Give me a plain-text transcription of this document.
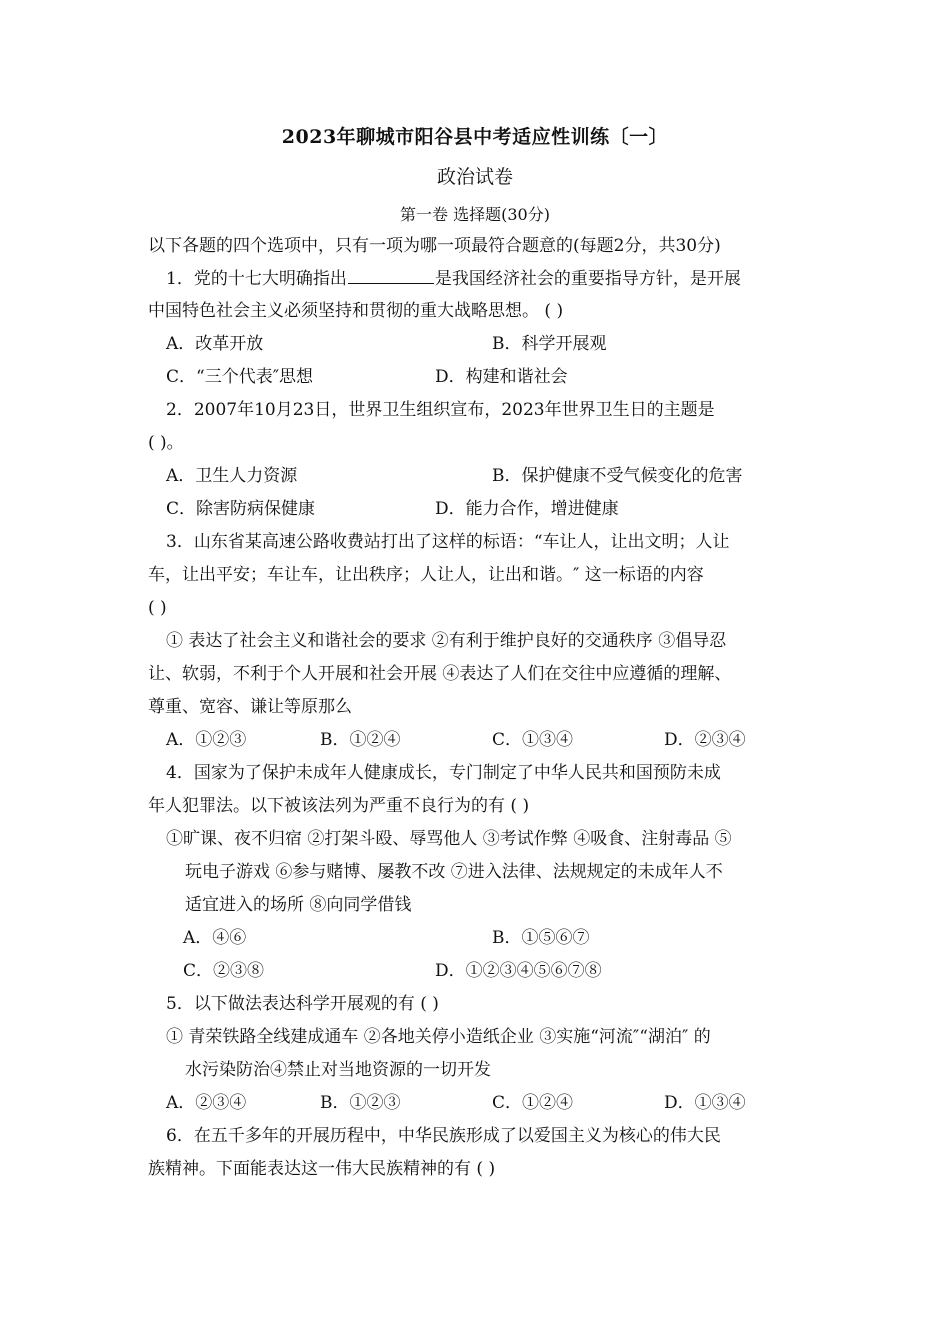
2023年聊城市阳谷县中考适应性训练〔一〕
政治试卷
第一卷 选择题(30分)
以下各题的四个选项中，只有一项为哪一项最符合题意的(每题2分，共30分)
1．党的十七大明确指出	是我国经济社会的重要指导方针，是开展
中国特色社会主义必须坚持和贯彻的重大战略思想。 ( )
A．改革开放	B．科学开展观
C．“三个代表″思想	D．构建和谐社会
2．2007年10月23日，世界卫生组织宣布，2023年世界卫生日的主题是
( )。
A．卫生人力资源	B．保护健康不受气候变化的危害
C．除害防病保健康	D．能力合作，增进健康
3．山东省某高速公路收费站打出了这样的标语：“车让人，让出文明；人让
车，让出平安；车让车，让出秩序；人让人，让出和谐。″ 这一标语的内容
( )
① 表达了社会主义和谐社会的要求 ②有利于维护良好的交通秩序 ③倡导忍
让、软弱，不利于个人开展和社会开展 ④表达了人们在交往中应遵循的理解、
尊重、宽容、谦让等原那么
A．①②③	B．①②④	C．①③④	D．②③④
4．国家为了保护未成年人健康成长，专门制定了中华人民共和国预防未成
年人犯罪法。以下被该法列为严重不良行为的有 ( )
①旷课、夜不归宿 ②打架斗殴、辱骂他人 ③考试作弊 ④吸食、注射毒品 ⑤
玩电子游戏 ⑥参与赌博、屡教不改 ⑦进入法律、法规规定的未成年人不
适宜进入的场所 ⑧向同学借钱
A．④⑥	B．①⑤⑥⑦
C．②③⑧	D．①②③④⑤⑥⑦⑧
5．以下做法表达科学开展观的有 ( )
① 青荣铁路全线建成通车 ②各地关停小造纸企业 ③实施“河流″“湖泊″ 的
水污染防治④禁止对当地资源的一切开发
A．②③④	B．①②③	C．①②④	D．①③④
6．在五千多年的开展历程中，中华民族形成了以爱国主义为核心的伟大民
族精神。下面能表达这一伟大民族精神的有 ( )
